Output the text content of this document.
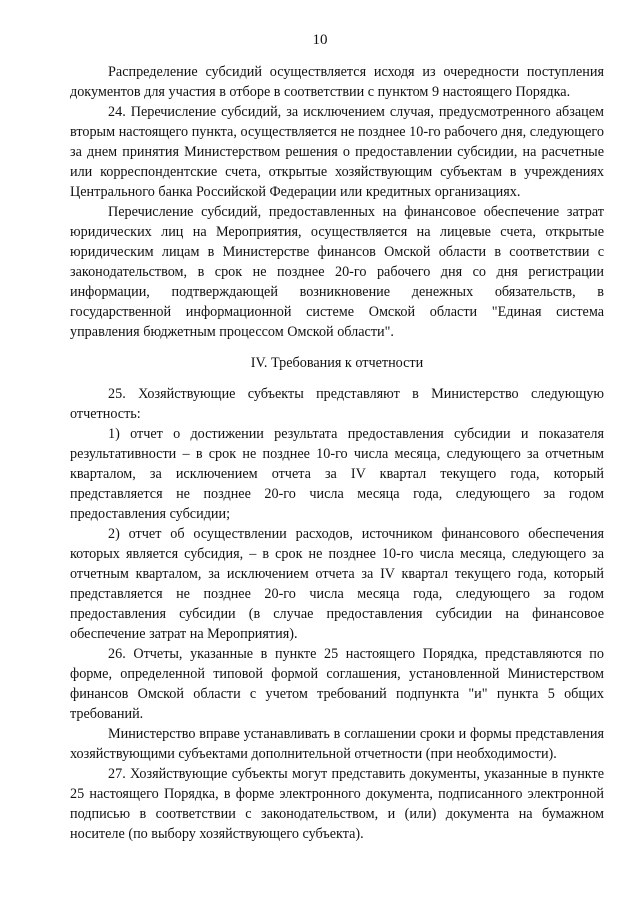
10

Распределение субсидий осуществляется исходя из очередности поступления документов для участия в отборе в соответствии с пунктом 9 настоящего Порядка.

24. Перечисление субсидий, за исключением случая, предусмотренного абзацем вторым настоящего пункта, осуществляется не позднее 10-го рабочего дня, следующего за днем принятия Министерством решения о предоставлении субсидии, на расчетные или корреспондентские счета, открытые хозяйствующим субъектам в учреждениях Центрального банка Российской Федерации или кредитных организациях.

Перечисление субсидий, предоставленных на финансовое обеспечение затрат юридических лиц на Мероприятия, осуществляется на лицевые счета, открытые юридическим лицам в Министерстве финансов Омской области в соответствии с законодательством, в срок не позднее 20-го рабочего дня со дня регистрации информации, подтверждающей возникновение денежных обязательств, в государственной информационной системе Омской области "Единая система управления бюджетным процессом Омской области".

IV. Требования к отчетности

25. Хозяйствующие субъекты представляют в Министерство следующую отчетность:

1) отчет о достижении результата предоставления субсидии и показателя результативности – в срок не позднее 10-го числа месяца, следующего за отчетным кварталом, за исключением отчета за IV квартал текущего года, который представляется не позднее 20-го числа месяца года, следующего за годом предоставления субсидии;

2) отчет об осуществлении расходов, источником финансового обеспечения которых является субсидия, – в срок не позднее 10-го числа месяца, следующего за отчетным кварталом, за исключением отчета за IV квартал текущего года, который представляется не позднее 20-го числа месяца года, следующего за годом предоставления субсидии (в случае предоставления субсидии на финансовое обеспечение затрат на Мероприятия).

26. Отчеты, указанные в пункте 25 настоящего Порядка, представляются по форме, определенной типовой формой соглашения, установленной Министерством финансов Омской области с учетом требований подпункта "и" пункта 5 общих требований.

Министерство вправе устанавливать в соглашении сроки и формы представления хозяйствующими субъектами дополнительной отчетности (при необходимости).

27. Хозяйствующие субъекты могут представить документы, указанные в пункте 25 настоящего Порядка, в форме электронного документа, подписанного электронной подписью в соответствии с законодательством, и (или) документа на бумажном носителе (по выбору хозяйствующего субъекта).
